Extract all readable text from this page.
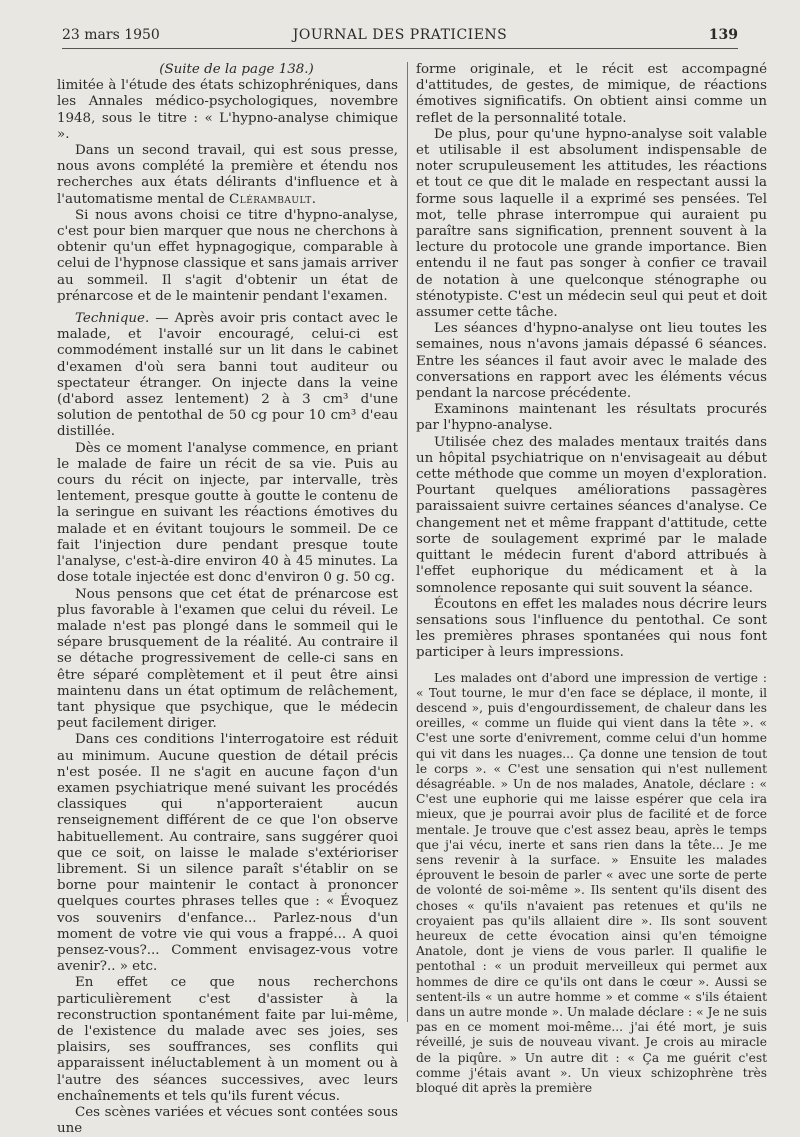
23 mars 1950	JOURNAL DES PRATICIENS	139

(Suite de la page 138.)

limitée à l'étude des états schizophréniques, dans les Annales médico-psychologiques, novembre 1948, sous le titre : « L'hypno-analyse chimique ».

Dans un second travail, qui est sous presse, nous avons complété la première et étendu nos recherches aux états délirants d'influence et à l'automatisme mental de Clérambault.

Si nous avons choisi ce titre d'hypno-analyse, c'est pour bien marquer que nous ne cherchons à obtenir qu'un effet hypnagogique, comparable à celui de l'hypnose classique et sans jamais arriver au sommeil. Il s'agit d'obtenir un état de prénarcose et de le maintenir pendant l'examen.

Technique. — Après avoir pris contact avec le malade, et l'avoir encouragé, celui-ci est commodément installé sur un lit dans le cabinet d'examen d'où sera banni tout auditeur ou spectateur étranger. On injecte dans la veine (d'abord assez lentement) 2 à 3 cm³ d'une solution de pentothal de 50 cg pour 10 cm³ d'eau distillée.

Dès ce moment l'analyse commence, en priant le malade de faire un récit de sa vie. Puis au cours du récit on injecte, par intervalle, très lentement, presque goutte à goutte le contenu de la seringue en suivant les réactions émotives du malade et en évitant toujours le sommeil. De ce fait l'injection dure pendant presque toute l'analyse, c'est-à-dire environ 40 à 45 minutes. La dose totale injectée est donc d'environ 0 g. 50 cg.

Nous pensons que cet état de prénarcose est plus favorable à l'examen que celui du réveil. Le malade n'est pas plongé dans le sommeil qui le sépare brusquement de la réalité. Au contraire il se détache progressivement de celle-ci sans en être séparé complètement et il peut être ainsi maintenu dans un état optimum de relâchement, tant physique que psychique, que le médecin peut facilement diriger.

Dans ces conditions l'interrogatoire est réduit au minimum. Aucune question de détail précis n'est posée. Il ne s'agit en aucune façon d'un examen psychiatrique mené suivant les procédés classiques qui n'apporteraient aucun renseignement différent de ce que l'on observe habituellement. Au contraire, sans suggérer quoi que ce soit, on laisse le malade s'extérioriser librement. Si un silence paraît s'établir on se borne pour maintenir le contact à prononcer quelques courtes phrases telles que : « Évoquez vos souvenirs d'enfance... Parlez-nous d'un moment de votre vie qui vous a frappé... A quoi pensez-vous?... Comment envisagez-vous votre avenir?.. » etc.

En effet ce que nous recherchons particulièrement c'est d'assister à la reconstruction spontanément faite par lui-même, de l'existence du malade avec ses joies, ses plaisirs, ses souffrances, ses conflits qui apparaissent inéluctablement à un moment ou à l'autre des séances successives, avec leurs enchaînements et tels qu'ils furent vécus.

Ces scènes variées et vécues sont contées sous une

forme originale, et le récit est accompagné d'attitudes, de gestes, de mimique, de réactions émotives significatifs. On obtient ainsi comme un reflet de la personnalité totale.

De plus, pour qu'une hypno-analyse soit valable et utilisable il est absolument indispensable de noter scrupuleusement les attitudes, les réactions et tout ce que dit le malade en respectant aussi la forme sous laquelle il a exprimé ses pensées. Tel mot, telle phrase interrompue qui auraient pu paraître sans signification, prennent souvent à la lecture du protocole une grande importance. Bien entendu il ne faut pas songer à confier ce travail de notation à une quelconque sténographe ou sténotypiste. C'est un médecin seul qui peut et doit assumer cette tâche.

Les séances d'hypno-analyse ont lieu toutes les semaines, nous n'avons jamais dépassé 6 séances. Entre les séances il faut avoir avec le malade des conversations en rapport avec les éléments vécus pendant la narcose précédente.

Examinons maintenant les résultats procurés par l'hypno-analyse.

Utilisée chez des malades mentaux traités dans un hôpital psychiatrique on n'envisageait au début cette méthode que comme un moyen d'exploration. Pourtant quelques améliorations passagères paraissaient suivre certaines séances d'analyse. Ce changement net et même frappant d'attitude, cette sorte de soulagement exprimé par le malade quittant le médecin furent d'abord attribués à l'effet euphorique du médicament et à la somnolence reposante qui suit souvent la séance.

Écoutons en effet les malades nous décrire leurs sensations sous l'influence du pentothal. Ce sont les premières phrases spontanées qui nous font participer à leurs impressions.

Les malades ont d'abord une impression de vertige : « Tout tourne, le mur d'en face se déplace, il monte, il descend », puis d'engourdissement, de chaleur dans les oreilles, « comme un fluide qui vient dans la tête ». « C'est une sorte d'enivrement, comme celui d'un homme qui vit dans les nuages... Ça donne une tension de tout le corps ». « C'est une sensation qui n'est nullement désagréable. » Un de nos malades, Anatole, déclare : « C'est une euphorie qui me laisse espérer que cela ira mieux, que je pourrai avoir plus de facilité et de force mentale. Je trouve que c'est assez beau, après le temps que j'ai vécu, inerte et sans rien dans la tête... Je me sens revenir à la surface. » Ensuite les malades éprouvent le besoin de parler « avec une sorte de perte de volonté de soi-même ». Ils sentent qu'ils disent des choses « qu'ils n'avaient pas retenues et qu'ils ne croyaient pas qu'ils allaient dire ». Ils sont souvent heureux de cette évocation ainsi qu'en témoigne Anatole, dont je viens de vous parler. Il qualifie le pentothal : « un produit merveilleux qui permet aux hommes de dire ce qu'ils ont dans le cœur ». Aussi se sentent-ils « un autre homme » et comme « s'ils étaient dans un autre monde ». Un malade déclare : « Je ne suis pas en ce moment moi-même... j'ai été mort, je suis réveillé, je suis de nouveau vivant. Je crois au miracle de la piqûre. » Un autre dit : « Ça me guérit c'est comme j'étais avant ». Un vieux schizophrène très bloqué dit après la première
